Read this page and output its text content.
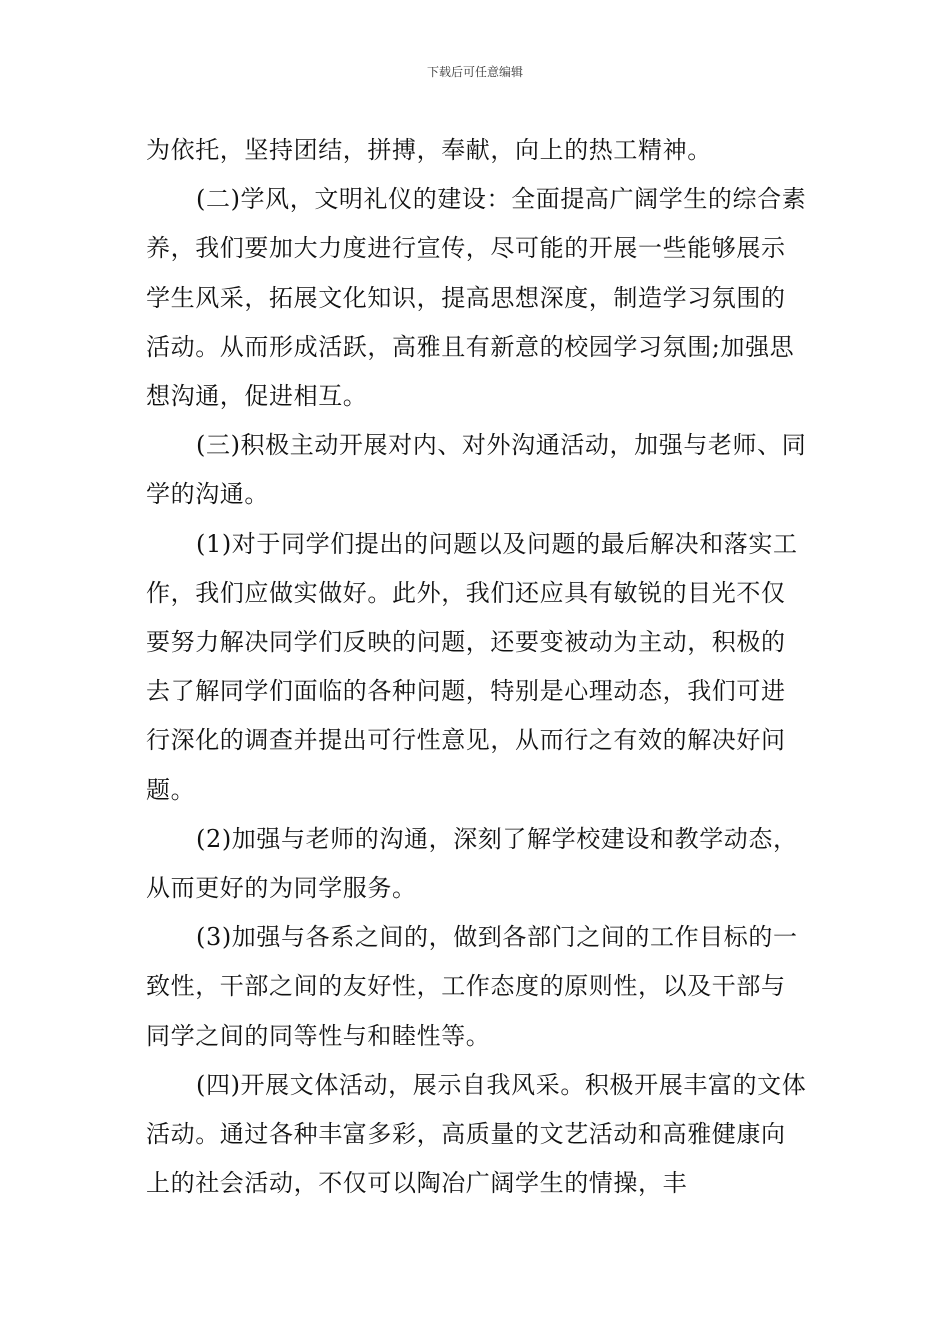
下载后可任意编辑

为依托，坚持团结，拼搏，奉献，向上的热工精神。

(二)学风，文明礼仪的建设：全面提高广阔学生的综合素养，我们要加大力度进行宣传，尽可能的开展一些能够展示学生风采，拓展文化知识，提高思想深度，制造学习氛围的活动。从而形成活跃，高雅且有新意的校园学习氛围;加强思想沟通，促进相互。

(三)积极主动开展对内、对外沟通活动，加强与老师、同学的沟通。

(1)对于同学们提出的问题以及问题的最后解决和落实工作，我们应做实做好。此外，我们还应具有敏锐的目光不仅要努力解决同学们反映的问题，还要变被动为主动，积极的去了解同学们面临的各种问题，特别是心理动态，我们可进行深化的调查并提出可行性意见，从而行之有效的解决好问题。

(2)加强与老师的沟通，深刻了解学校建设和教学动态，从而更好的为同学服务。

(3)加强与各系之间的，做到各部门之间的工作目标的一致性，干部之间的友好性，工作态度的原则性，以及干部与同学之间的同等性与和睦性等。

(四)开展文体活动，展示自我风采。积极开展丰富的文体活动。通过各种丰富多彩，高质量的文艺活动和高雅健康向上的社会活动，不仅可以陶冶广阔学生的情操，丰
